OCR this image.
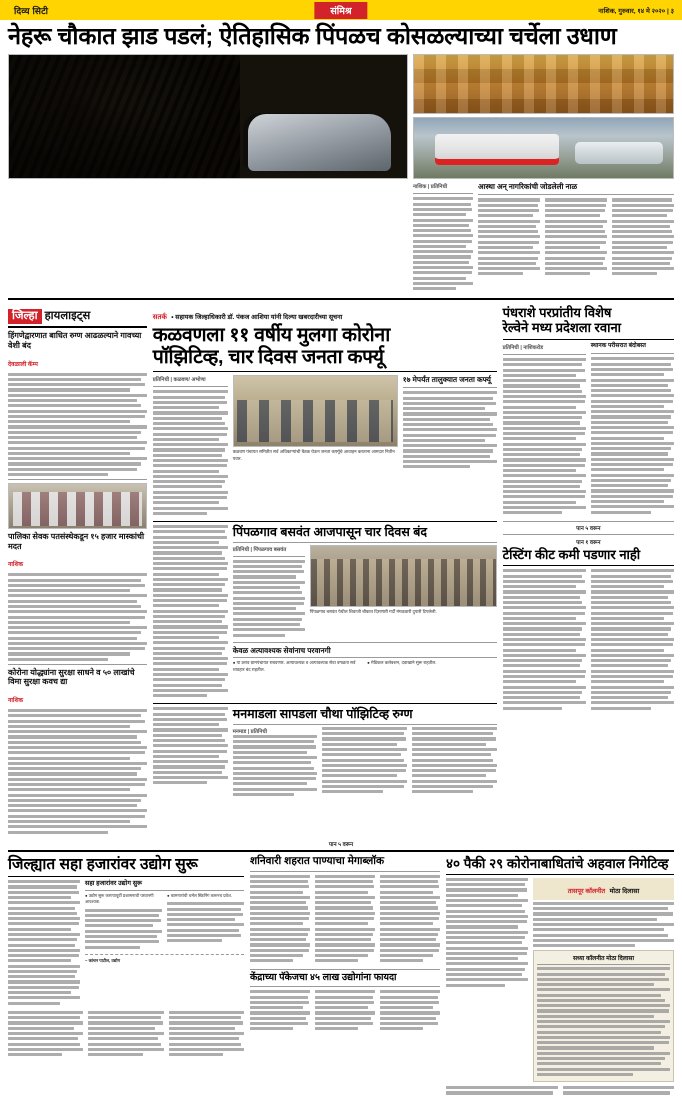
दिव्य सिटी	संमिश्र	नाशिक, गुरुवार, १४ मे २०२० | ३
नेहरू चौकात झाड पडलं; ऐतिहासिक पिंपळच कोसळल्याच्या चर्चेला उधाण
नाशिक | प्रतिनिधी	आस्था अन् नागरिकांची जोडलेली नाळ
जिल्हा हायलाइट्स
हिंगणेद्वारणात बाधित रुग्ण आढळल्याने गावच्या वेशी बंद
देवळाली कॅम्प
पालिका सेवक पतसंस्थेकडून १५ हजार मास्कांची मदत
नाशिक
कोरोना योद्ध्यांना सुरक्षा साधने व ५० लाखांचे विमा सुरक्षा कवच द्या
नाशिक
सतर्क • सहायक जिल्हाधिकारी डॉ. पंकज आशिया यांनी दिल्या खबरदारीच्या सूचना
कळवणला ११ वर्षीय मुलगा कोरोना
पॉझिटिव्ह, चार दिवस जनता कर्फ्यू
प्रतिनिधी | कळवण/ अभोणा
कळवण पंचायत समितीत सर्व अधिकाऱ्यांची बैठक घेऊन जनता कर्फ्यूचे आवाहन करताना आमदार नितीन पवार.
१७ मेपर्यंत तालुक्यात जनता कर्फ्यू
पिंपळगाव बसवंत आजपासून चार दिवस बंद
प्रतिनिधी | पिंपळगाव बसवंत
पिंपळगाव बसवंत येथील शिवाजी चौकात दिसणारी गर्दी मंगळवारी दुपारी टिपलेली.
केवळ अत्यावश्यक सेवांनाच परवानगी
● या ठराव ग्रामपंचायत राबवणार. अत्यावश्यक व अत्यावश्यक सेवा वगळता सर्व व्यवहार बंद राहतील.
● मेडिकल कलेक्शन, दवाखाने सुरू राहतील.
मनमाडला सापडला चौथा पॉझिटिव्ह रुग्ण
मनमाड | प्रतिनिधी
पंधराशे परप्रांतीय विशेष
रेल्वेने मध्य प्रदेशला रवाना
प्रतिनिधी | नाशिकरोड	स्थानक परीसरात बंदोबस्त
पान ५ वरून
पान १ वरून
टेस्टिंग कीट कमी पडणार नाही
पान ५ वरून
जिल्ह्यात सहा हजारांवर उद्योग सुरू
सहा हजारांवर उद्योग सुरू
● उद्योग सुरू करण्यापूर्वी प्रशासनाची परवानगी आवश्यक.
● कामगारांची थर्मल स्क्रिनिंग करूनच प्रवेश.
– कांचन पाटील, उद्योग
शनिवारी शहरात पाण्याचा मेगाब्लॉक
केंद्राच्या पॅकेजचा ४५ लाख उद्योगांना फायदा
४० पैकी २९ कोरोनाबाधितांचे अहवाल निगेटिव्ह
तासपूर कॉलनीत मोठा दिलासा
सध्या कॉलनीत मोठा दिलासा
